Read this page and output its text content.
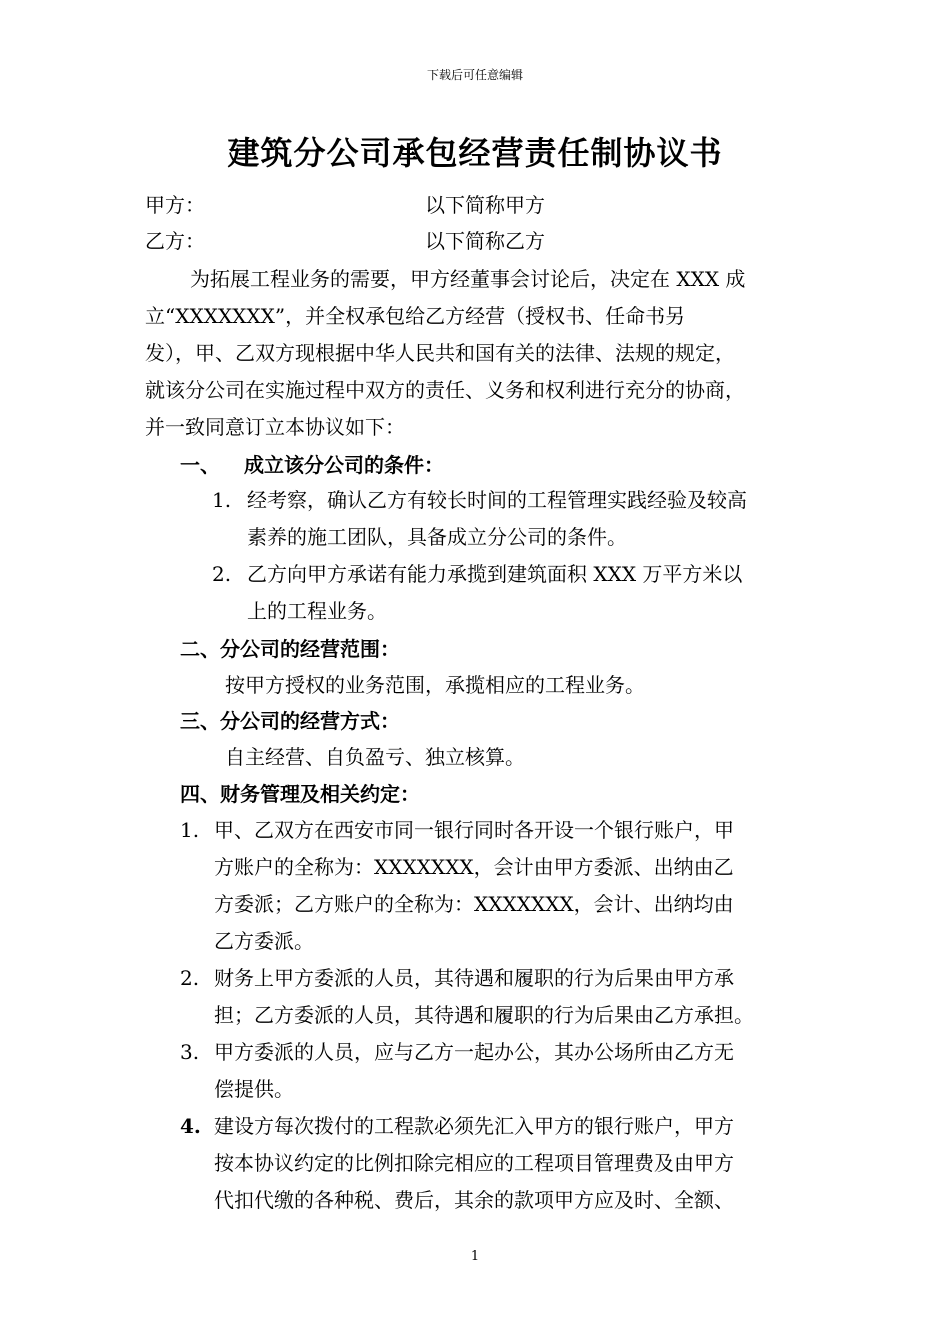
下载后可任意编辑
建筑分公司承包经营责任制协议书
甲方：	以下简称甲方
乙方：	以下简称乙方
为拓展工程业务的需要，甲方经董事会讨论后，决定在 XXX 成
立“XXXXXXX”，并全权承包给乙方经营（授权书、任命书另
发），甲、乙双方现根据中华人民共和国有关的法律、法规的规定，
就该分公司在实施过程中双方的责任、义务和权利进行充分的协商，
并一致同意订立本协议如下：
一、 成立该分公司的条件：
1. 经考察，确认乙方有较长时间的工程管理实践经验及较高
素养的施工团队，具备成立分公司的条件。
2. 乙方向甲方承诺有能力承揽到建筑面积 XXX 万平方米以
上的工程业务。
二、分公司的经营范围：
按甲方授权的业务范围，承揽相应的工程业务。
三、分公司的经营方式：
自主经营、自负盈亏、独立核算。
四、财务管理及相关约定：
1. 甲、乙双方在西安市同一银行同时各开设一个银行账户，甲
方账户的全称为：XXXXXXX，会计由甲方委派、出纳由乙
方委派；乙方账户的全称为：XXXXXXX，会计、出纳均由
乙方委派。
2. 财务上甲方委派的人员，其待遇和履职的行为后果由甲方承
担；乙方委派的人员，其待遇和履职的行为后果由乙方承担。
3. 甲方委派的人员，应与乙方一起办公，其办公场所由乙方无
偿提供。
4. 建设方每次拨付的工程款必须先汇入甲方的银行账户，甲方
按本协议约定的比例扣除完相应的工程项目管理费及由甲方
代扣代缴的各种税、费后，其余的款项甲方应及时、全额、
1
